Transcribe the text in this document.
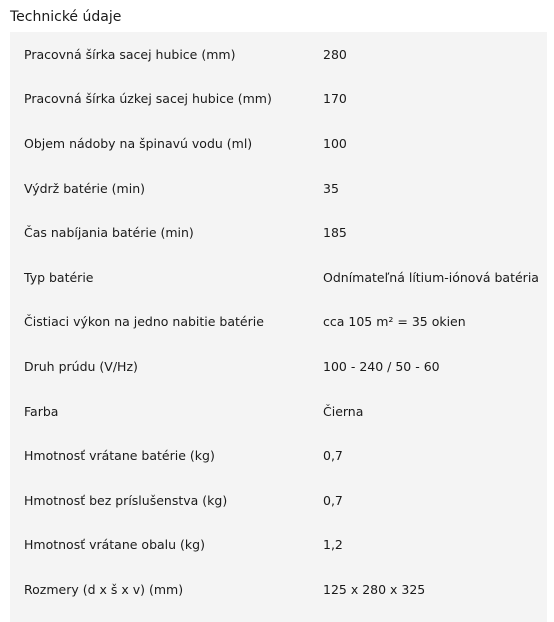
Technické údaje
Pracovná šírka sacej hubice (mm)	280
Pracovná šírka úzkej sacej hubice (mm)	170
Objem nádoby na špinavú vodu (ml)	100
Výdrž batérie (min)	35
Čas nabíjania batérie (min)	185
Typ batérie	Odnímateľná lítium-iónová batéria
Čistiaci výkon na jedno nabitie batérie	cca 105 m² = 35 okien
Druh prúdu (V/Hz)	100 - 240 / 50 - 60
Farba	Čierna
Hmotnosť vrátane batérie (kg)	0,7
Hmotnosť bez príslušenstva (kg)	0,7
Hmotnosť vrátane obalu (kg)	1,2
Rozmery (d x š x v) (mm)	125 x 280 x 325
